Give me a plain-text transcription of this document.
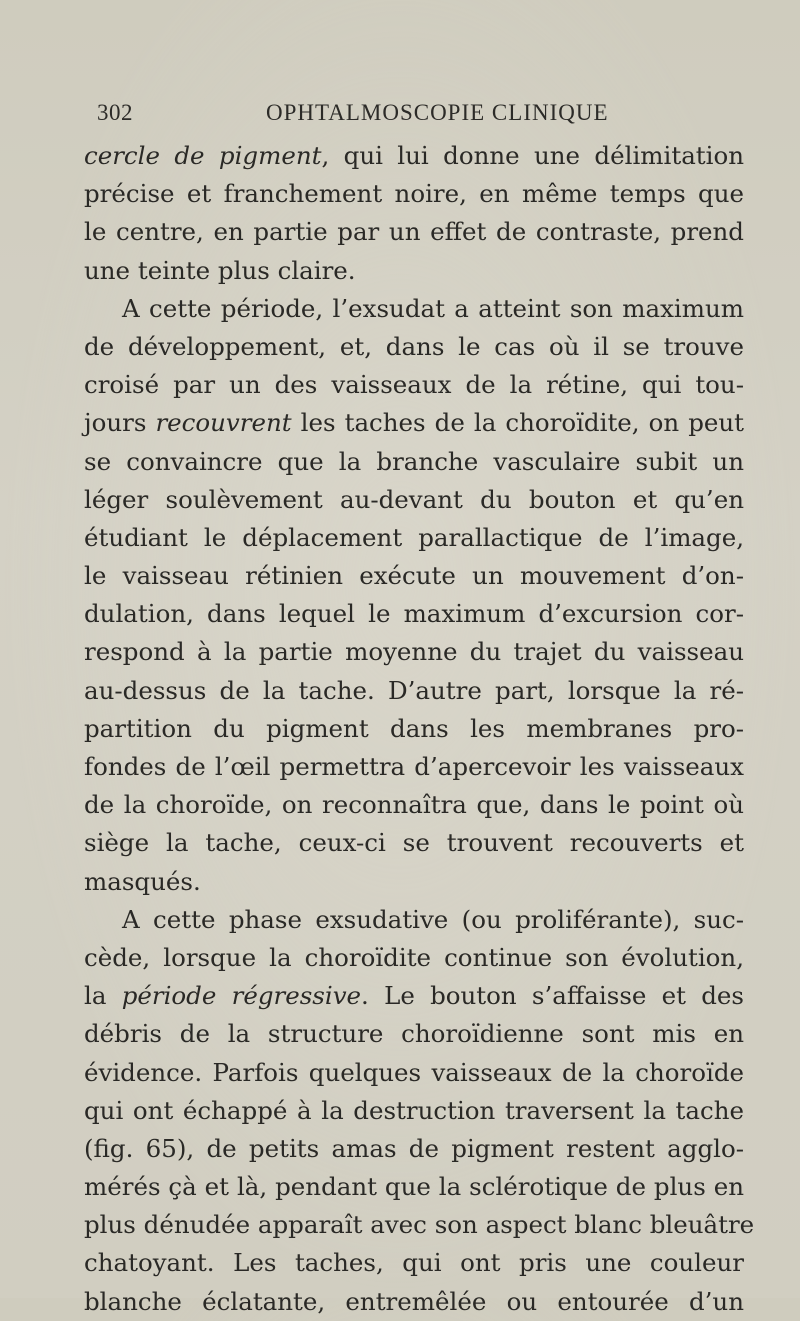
302	OPHTALMOSCOPIE CLINIQUE
cercle de pigment, qui lui donne une délimitation
précise et franchement noire, en même temps que
le centre, en partie par un effet de contraste, prend
une teinte plus claire.
A cette période, l’exsudat a atteint son maximum
de développement, et, dans le cas où il se trouve
croisé par un des vaisseaux de la rétine, qui tou-
jours recouvrent les taches de la choroïdite, on peut
se convaincre que la branche vasculaire subit un
léger soulèvement au-devant du bouton et qu’en
étudiant le déplacement parallactique de l’image,
le vaisseau rétinien exécute un mouvement d’on-
dulation, dans lequel le maximum d’excursion cor-
respond à la partie moyenne du trajet du vaisseau
au-dessus de la tache. D’autre part, lorsque la ré-
partition du pigment dans les membranes pro-
fondes de l’œil permettra d’apercevoir les vaisseaux
de la choroïde, on reconnaîtra que, dans le point où
siège la tache, ceux-ci se trouvent recouverts et
masqués.
A cette phase exsudative (ou proliférante), suc-
cède, lorsque la choroïdite continue son évolution,
la période régressive. Le bouton s’affaisse et des
débris de la structure choroïdienne sont mis en
évidence. Parfois quelques vaisseaux de la choroïde
qui ont échappé à la destruction traversent la tache
(fig. 65), de petits amas de pigment restent agglo-
mérés çà et là, pendant que la sclérotique de plus en
plus dénudée apparaît avec son aspect blanc bleuâtre
chatoyant. Les taches, qui ont pris une couleur
blanche éclatante, entremêlée ou entourée d’un
